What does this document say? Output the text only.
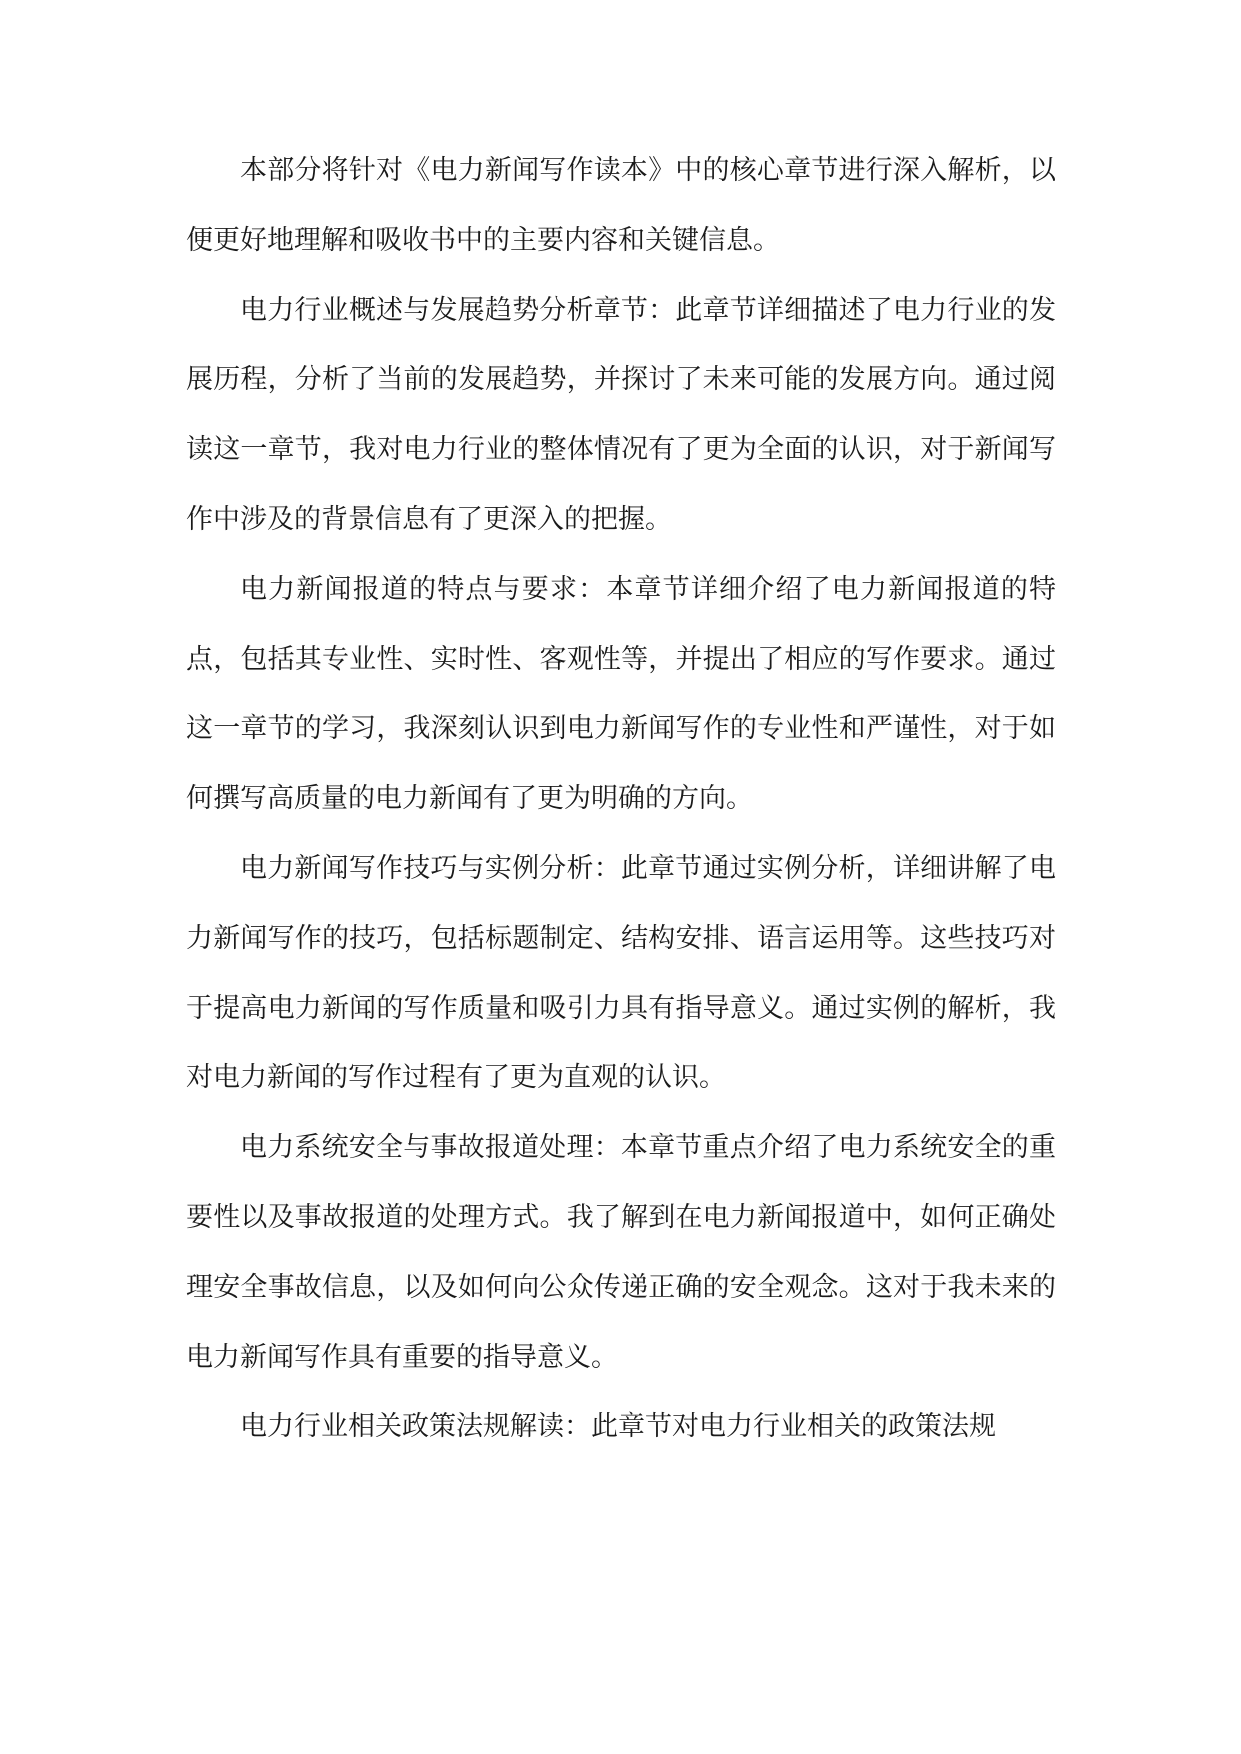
本部分将针对《电力新闻写作读本》中的核心章节进行深入解析，以便更好地理解和吸收书中的主要内容和关键信息。

电力行业概述与发展趋势分析章节：此章节详细描述了电力行业的发展历程，分析了当前的发展趋势，并探讨了未来可能的发展方向。通过阅读这一章节，我对电力行业的整体情况有了更为全面的认识，对于新闻写作中涉及的背景信息有了更深入的把握。

电力新闻报道的特点与要求：本章节详细介绍了电力新闻报道的特点，包括其专业性、实时性、客观性等，并提出了相应的写作要求。通过这一章节的学习，我深刻认识到电力新闻写作的专业性和严谨性，对于如何撰写高质量的电力新闻有了更为明确的方向。

电力新闻写作技巧与实例分析：此章节通过实例分析，详细讲解了电力新闻写作的技巧，包括标题制定、结构安排、语言运用等。这些技巧对于提高电力新闻的写作质量和吸引力具有指导意义。通过实例的解析，我对电力新闻的写作过程有了更为直观的认识。

电力系统安全与事故报道处理：本章节重点介绍了电力系统安全的重要性以及事故报道的处理方式。我了解到在电力新闻报道中，如何正确处理安全事故信息，以及如何向公众传递正确的安全观念。这对于我未来的电力新闻写作具有重要的指导意义。

电力行业相关政策法规解读：此章节对电力行业相关的政策法规
